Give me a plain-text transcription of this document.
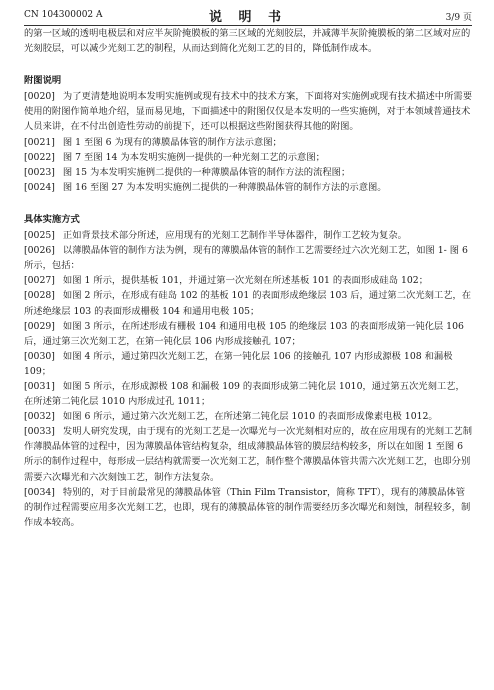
CN 104300002 A	说 明 书	3/9 页

的第一区域的透明电极层和对应半灰阶掩膜板的第三区域的光刻胶层，并减薄半灰阶掩膜板的第二区域对应的光刻胶层，可以减少光刻工艺的制程，从而达到简化光刻工艺的目的，降低制作成本。

附图说明

[0020] 为了更清楚地说明本发明实施例或现有技术中的技术方案，下面将对实施例或现有技术描述中所需要使用的附图作简单地介绍，显而易见地，下面描述中的附图仅仅是本发明的一些实施例，对于本领域普通技术人员来讲，在不付出创造性劳动的前提下，还可以根据这些附图获得其他的附图。

[0021] 图 1 至图 6 为现有的薄膜晶体管的制作方法示意图；

[0022] 图 7 至图 14 为本发明实施例一提供的一种光刻工艺的示意图；

[0023] 图 15 为本发明实施例二提供的一种薄膜晶体管的制作方法的流程图；

[0024] 图 16 至图 27 为本发明实施例二提供的一种薄膜晶体管的制作方法的示意图。

具体实施方式

[0025] 正如背景技术部分所述，应用现有的光刻工艺制作半导体器件，制作工艺较为复杂。

[0026] 以薄膜晶体管的制作方法为例，现有的薄膜晶体管的制作工艺需要经过六次光刻工艺，如图 1- 图 6 所示，包括：

[0027] 如图 1 所示，提供基板 101，并通过第一次光刻在所述基板 101 的表面形成硅岛 102；

[0028] 如图 2 所示，在形成有硅岛 102 的基板 101 的表面形成绝缘层 103 后，通过第二次光刻工艺，在所述绝缘层 103 的表面形成栅极 104 和通用电极 105；

[0029] 如图 3 所示，在所述形成有栅极 104 和通用电极 105 的绝缘层 103 的表面形成第一钝化层 106 后，通过第三次光刻工艺，在第一钝化层 106 内形成接触孔 107；

[0030] 如图 4 所示，通过第四次光刻工艺，在第一钝化层 106 的接触孔 107 内形成源极 108 和漏极 109；

[0031] 如图 5 所示，在形成源极 108 和漏极 109 的表面形成第二钝化层 1010，通过第五次光刻工艺，在所述第二钝化层 1010 内形成过孔 1011；

[0032] 如图 6 所示，通过第六次光刻工艺，在所述第二钝化层 1010 的表面形成像素电极 1012。

[0033] 发明人研究发现，由于现有的光刻工艺是一次曝光与一次光刻相对应的，故在应用现有的光刻工艺制作薄膜晶体管的过程中，因为薄膜晶体管结构复杂，组成薄膜晶体管的膜层结构较多，所以在如图 1 至图 6 所示的制作过程中，每形成一层结构就需要一次光刻工艺，制作整个薄膜晶体管共需六次光刻工艺，也即分别需要六次曝光和六次刻蚀工艺，制作方法复杂。

[0034] 特别的，对于目前最常见的薄膜晶体管（Thin Film Transistor，简称 TFT），现有的薄膜晶体管的制作过程需要应用多次光刻工艺，也即，现有的薄膜晶体管的制作需要经历多次曝光和刻蚀，制程较多，制作成本较高。
